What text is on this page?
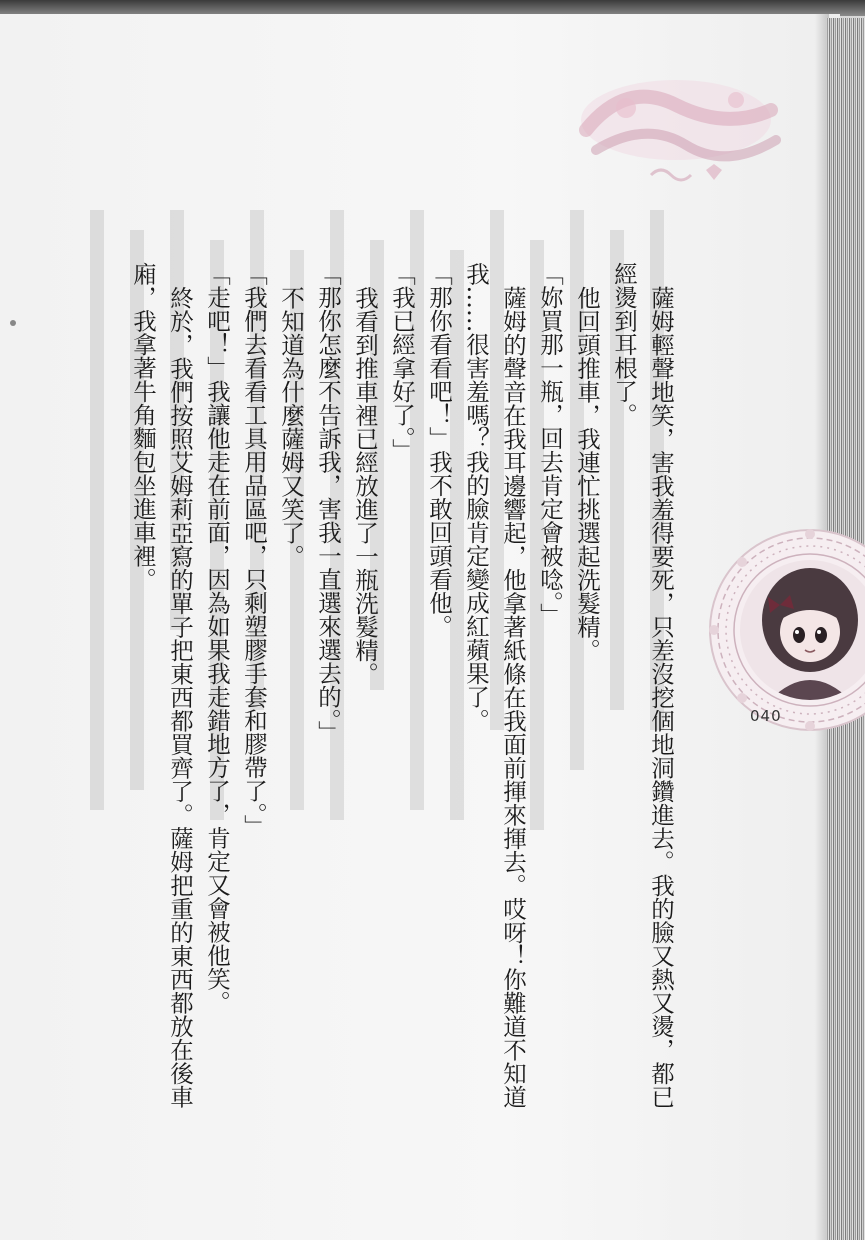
040

薩姆輕聲地笑，害我羞得要死，只差沒挖個地洞鑽進去。我的臉又熱又燙，都已

經燙到耳根了。

他回頭推車，我連忙挑選起洗髮精。

「妳買那一瓶，回去肯定會被唸。」

薩姆的聲音在我耳邊響起，他拿著紙條在我面前揮來揮去。哎呀！你難道不知道

我……很害羞嗎？我的臉肯定變成紅蘋果了。

「那你看看吧！」我不敢回頭看他。

「我已經拿好了。」

我看到推車裡已經放進了一瓶洗髮精。

「那你怎麼不告訴我，害我一直選來選去的。」

不知道為什麼薩姆又笑了。

「我們去看看工具用品區吧，只剩塑膠手套和膠帶了。」

「走吧！」我讓他走在前面，因為如果我走錯地方了，肯定又會被他笑。

終於，我們按照艾姆莉亞寫的單子把東西都買齊了。薩姆把重的東西都放在後車

廂，我拿著牛角麵包坐進車裡。
